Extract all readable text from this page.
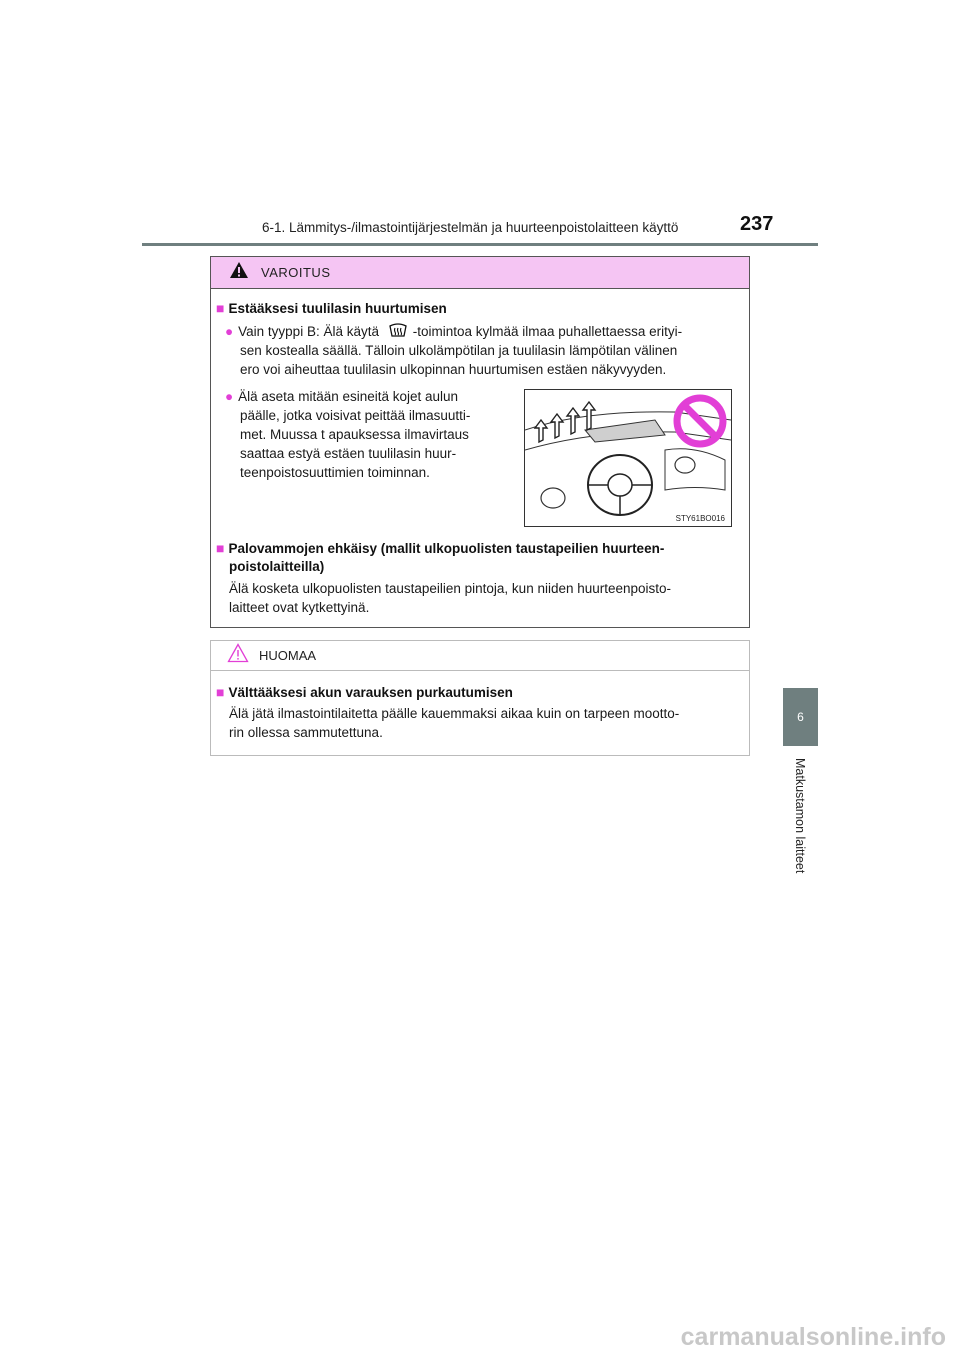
6-1. Lämmitys-/ilmastointijärjestelmän ja huurteenpoistolaitteen käyttö	237
6
Matkustamon laitteet
VAROITUS
■ Estääksesi tuulilasin huurtumisen
● Vain tyyppi B: Älä käytä	-toimintoa kylmää ilmaa puhallettaessa erityi-
sen kostealla säällä. Tälloin ulkolämpötilan ja tuulilasin lämpötilan välinen
ero voi aiheuttaa tuulilasin ulkopinnan huurtumisen estäen näkyvyyden.
● Älä aseta mitään esineitä kojet aulun
päälle, jotka voisivat peittää ilmasuutti-
met. Muussa t apauksessa ilmavirtaus
saattaa estyä estäen tuulilasin huur-
teenpoistosuuttimien toiminnan.
STY61BO016
■ Palovammojen ehkäisy (mallit ulkopuolisten taustapeilien huurteen-
poistolaitteilla)
Älä kosketa ulkopuolisten taustapeilien pintoja, kun niiden huurteenpoisto-
laitteet ovat kytkettyinä.
HUOMAA
■ Välttääksesi akun varauksen purkautumisen
Älä jätä ilmastointilaitetta päälle kauemmaksi aikaa kuin on tarpeen mootto-
rin ollessa sammutettuna.
carmanualsonline.info
